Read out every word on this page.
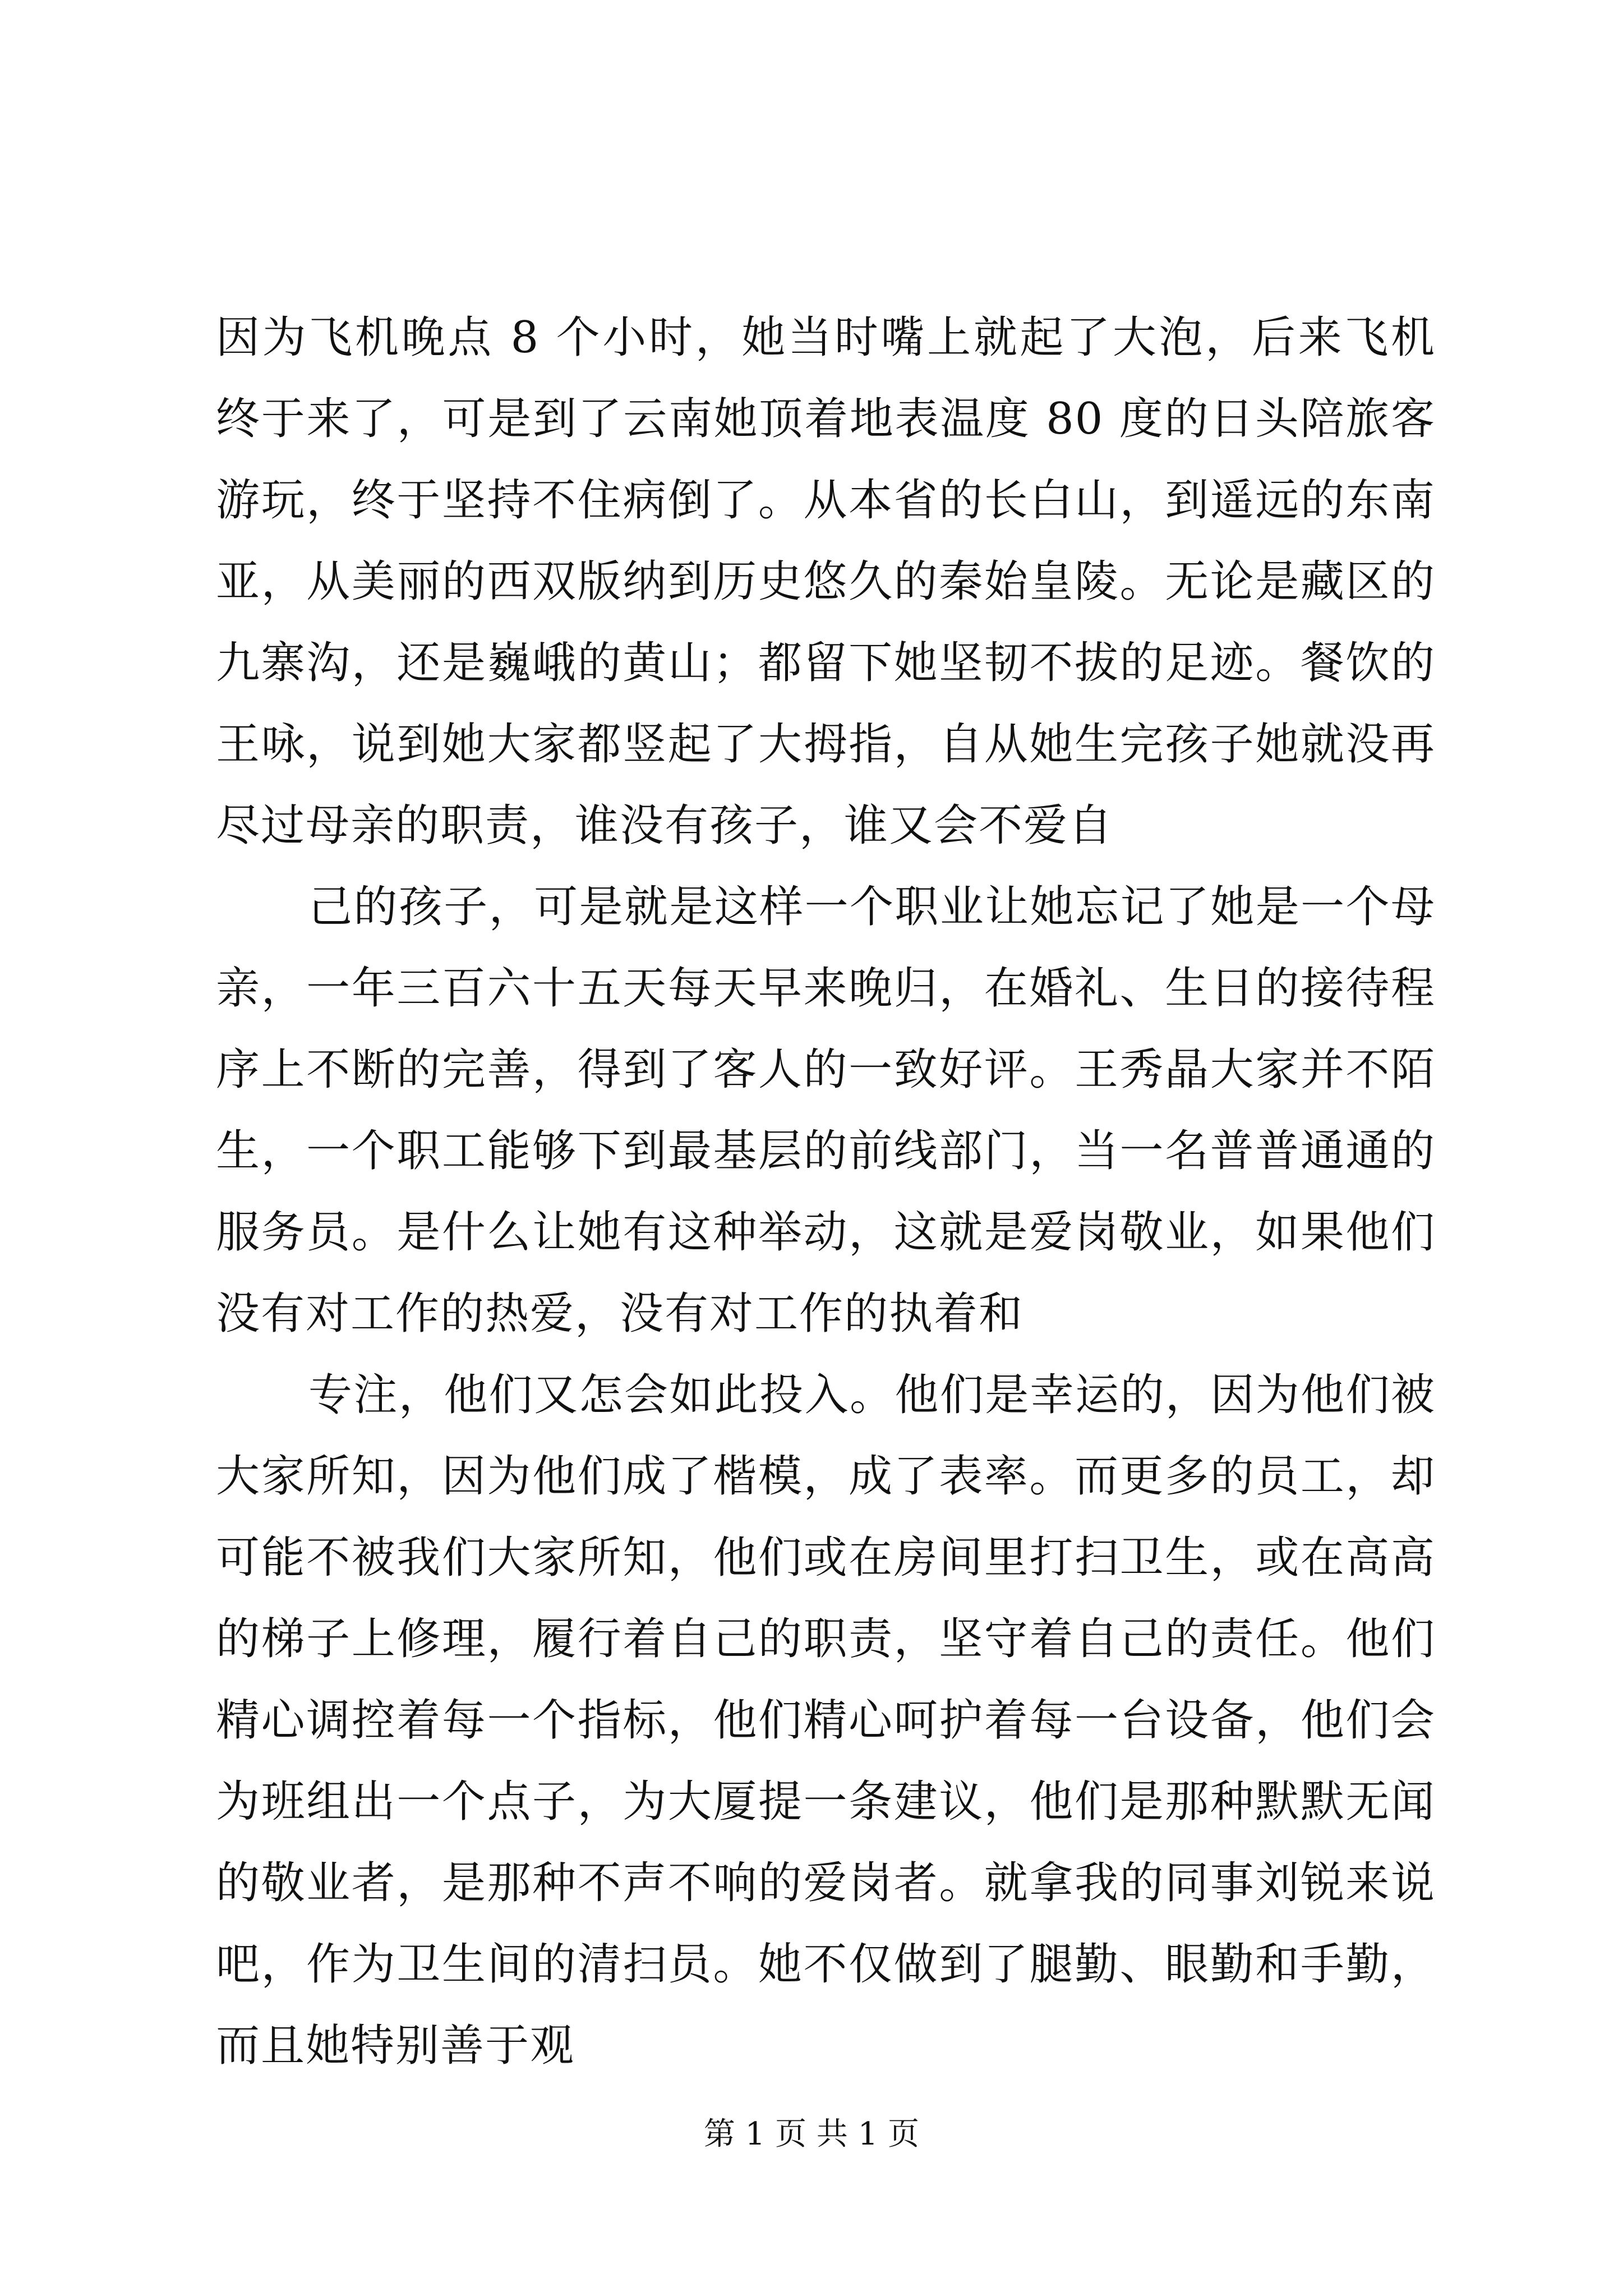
因为飞机晚点 8 个小时，她当时嘴上就起了大泡，后来飞机终于来了，可是到了云南她顶着地表温度 80 度的日头陪旅客游玩，终于坚持不住病倒了。从本省的长白山，到遥远的东南亚，从美丽的西双版纳到历史悠久的秦始皇陵。无论是藏区的九寨沟，还是巍峨的黄山；都留下她坚韧不拔的足迹。餐饮的王咏，说到她大家都竖起了大拇指，自从她生完孩子她就没再尽过母亲的职责，谁没有孩子，谁又会不爱自

己的孩子，可是就是这样一个职业让她忘记了她是一个母亲，一年三百六十五天每天早来晚归，在婚礼、生日的接待程序上不断的完善，得到了客人的一致好评。王秀晶大家并不陌生，一个职工能够下到最基层的前线部门，当一名普普通通的服务员。是什么让她有这种举动，这就是爱岗敬业，如果他们没有对工作的热爱，没有对工作的执着和

专注，他们又怎会如此投入。他们是幸运的，因为他们被大家所知，因为他们成了楷模，成了表率。而更多的员工，却可能不被我们大家所知，他们或在房间里打扫卫生，或在高高的梯子上修理，履行着自己的职责，坚守着自己的责任。他们精心调控着每一个指标，他们精心呵护着每一台设备，他们会为班组出一个点子，为大厦提一条建议，他们是那种默默无闻的敬业者，是那种不声不响的爱岗者。就拿我的同事刘锐来说吧，作为卫生间的清扫员。她不仅做到了腿勤、眼勤和手勤，而且她特别善于观

第 1 页 共 1 页
